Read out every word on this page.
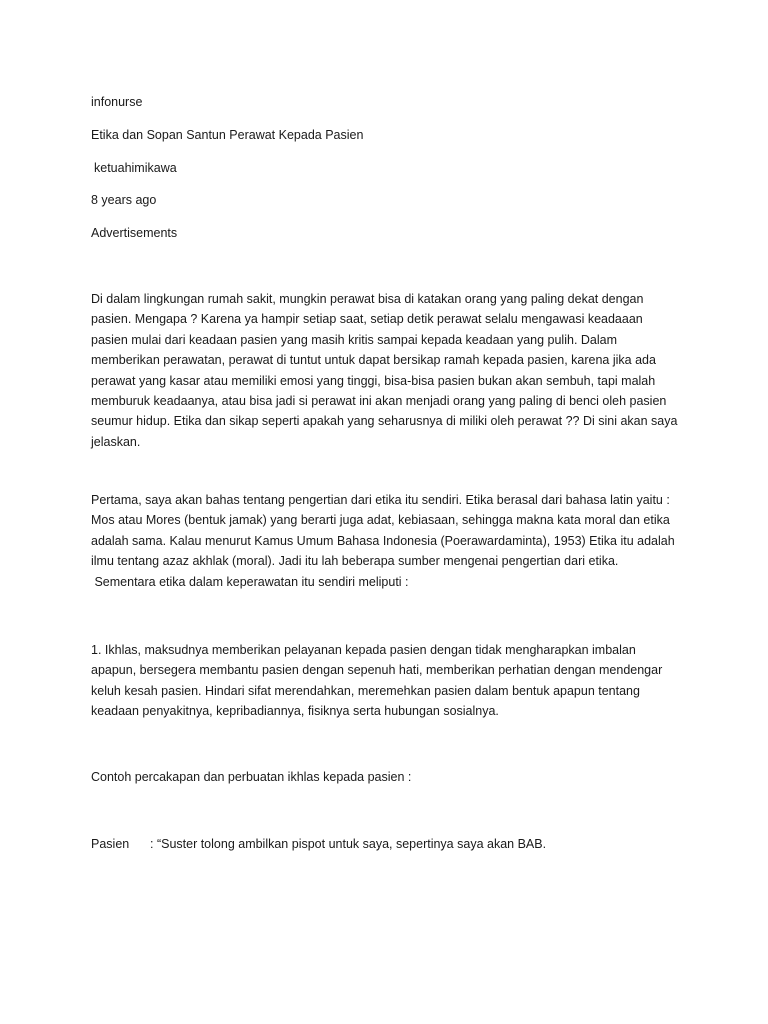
infonurse
Etika dan Sopan Santun Perawat Kepada Pasien
ketuahimikawa
8 years ago
Advertisements
Di dalam lingkungan rumah sakit, mungkin perawat bisa di katakan orang yang paling dekat dengan
pasien. Mengapa ? Karena ya hampir setiap saat, setiap detik perawat selalu mengawasi keadaaan
pasien mulai dari keadaan pasien yang masih kritis sampai kepada keadaan yang pulih. Dalam
memberikan perawatan, perawat di tuntut untuk dapat bersikap ramah kepada pasien, karena jika ada
perawat yang kasar atau memiliki emosi yang tinggi, bisa-bisa pasien bukan akan sembuh, tapi malah
memburuk keadaanya, atau bisa jadi si perawat ini akan menjadi orang yang paling di benci oleh pasien
seumur hidup. Etika dan sikap seperti apakah yang seharusnya di miliki oleh perawat ?? Di sini akan saya
jelaskan.
Pertama, saya akan bahas tentang pengertian dari etika itu sendiri. Etika berasal dari bahasa latin yaitu :
Mos atau Mores (bentuk jamak) yang berarti juga adat, kebiasaan, sehingga makna kata moral dan etika
adalah sama. Kalau menurut Kamus Umum Bahasa Indonesia (Poerawardaminta), 1953) Etika itu adalah
ilmu tentang azaz akhlak (moral). Jadi itu lah beberapa sumber mengenai pengertian dari etika.
Sementara etika dalam keperawatan itu sendiri meliputi :
1. Ikhlas, maksudnya memberikan pelayanan kepada pasien dengan tidak mengharapkan imbalan
apapun, bersegera membantu pasien dengan sepenuh hati, memberikan perhatian dengan mendengar
keluh kesah pasien. Hindari sifat merendahkan, meremehkan pasien dalam bentuk apapun tentang
keadaan penyakitnya, kepribadiannya, fisiknya serta hubungan sosialnya.
Contoh percakapan dan perbuatan ikhlas kepada pasien :
Pasien : “Suster tolong ambilkan pispot untuk saya, sepertinya saya akan BAB.
